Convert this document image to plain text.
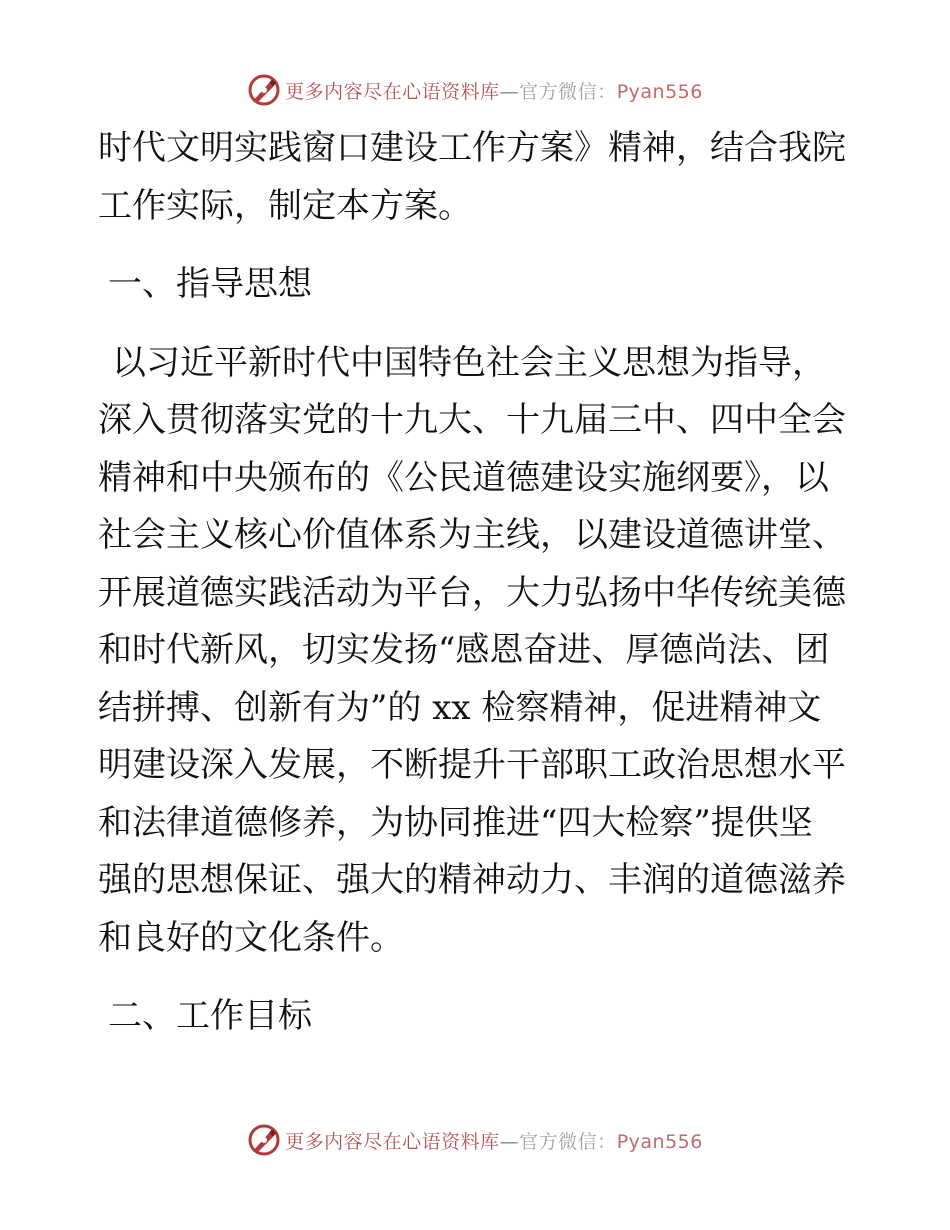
更多内容尽在心语资料库—官方微信：Pyan556
时代文明实践窗口建设工作方案》精神，结合我院
工作实际，制定本方案。
一、指导思想
以习近平新时代中国特色社会主义思想为指导，
深入贯彻落实党的十九大、十九届三中、四中全会
精神和中央颁布的《公民道德建设实施纲要》，以
社会主义核心价值体系为主线，以建设道德讲堂、
开展道德实践活动为平台，大力弘扬中华传统美德
和时代新风，切实发扬“感恩奋进、厚德尚法、团
结拼搏、创新有为”的 xx 检察精神，促进精神文
明建设深入发展，不断提升干部职工政治思想水平
和法律道德修养，为协同推进“四大检察”提供坚
强的思想保证、强大的精神动力、丰润的道德滋养
和良好的文化条件。
二、工作目标
更多内容尽在心语资料库—官方微信：Pyan556
